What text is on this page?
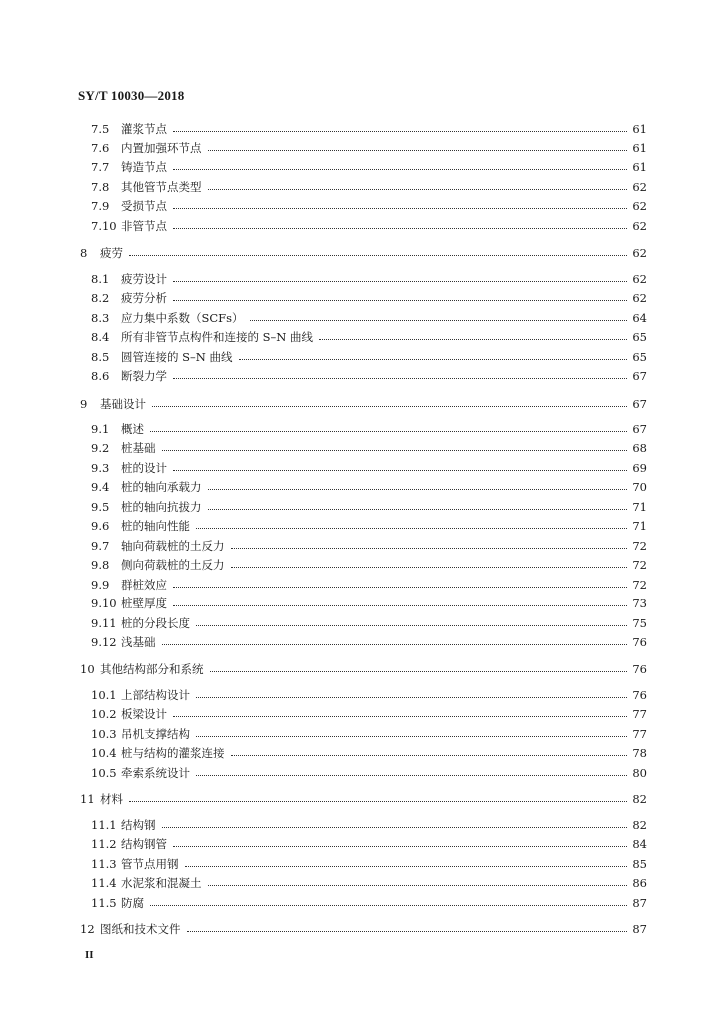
SY/T 10030—2018
7.5	灌浆节点	61
7.6	内置加强环节点	61
7.7	铸造节点	61
7.8	其他管节点类型	62
7.9	受损节点	62
7.10 非管节点	62
8	疲劳	62
8.1	疲劳设计	62
8.2	疲劳分析	62
8.3	应力集中系数（SCFs）	64
8.4	所有非管节点构件和连接的 S–N 曲线	65
8.5	圆管连接的 S–N 曲线	65
8.6	断裂力学	67
9	基础设计	67
9.1	概述	67
9.2	桩基础	68
9.3	桩的设计	69
9.4	桩的轴向承载力	70
9.5	桩的轴向抗拔力	71
9.6	桩的轴向性能	71
9.7	轴向荷载桩的土反力	72
9.8	侧向荷载桩的土反力	72
9.9	群桩效应	72
9.10 桩壁厚度	73
9.11 桩的分段长度	75
9.12 浅基础	76
10 其他结构部分和系统	76
10.1 上部结构设计	76
10.2 板梁设计	77
10.3 吊机支撑结构	77
10.4 桩与结构的灌浆连接	78
10.5 牵索系统设计	80
11 材料	82
11.1 结构钢	82
11.2 结构钢管	84
11.3 管节点用钢	85
11.4 水泥浆和混凝土	86
11.5 防腐	87
12 图纸和技术文件	87
II
